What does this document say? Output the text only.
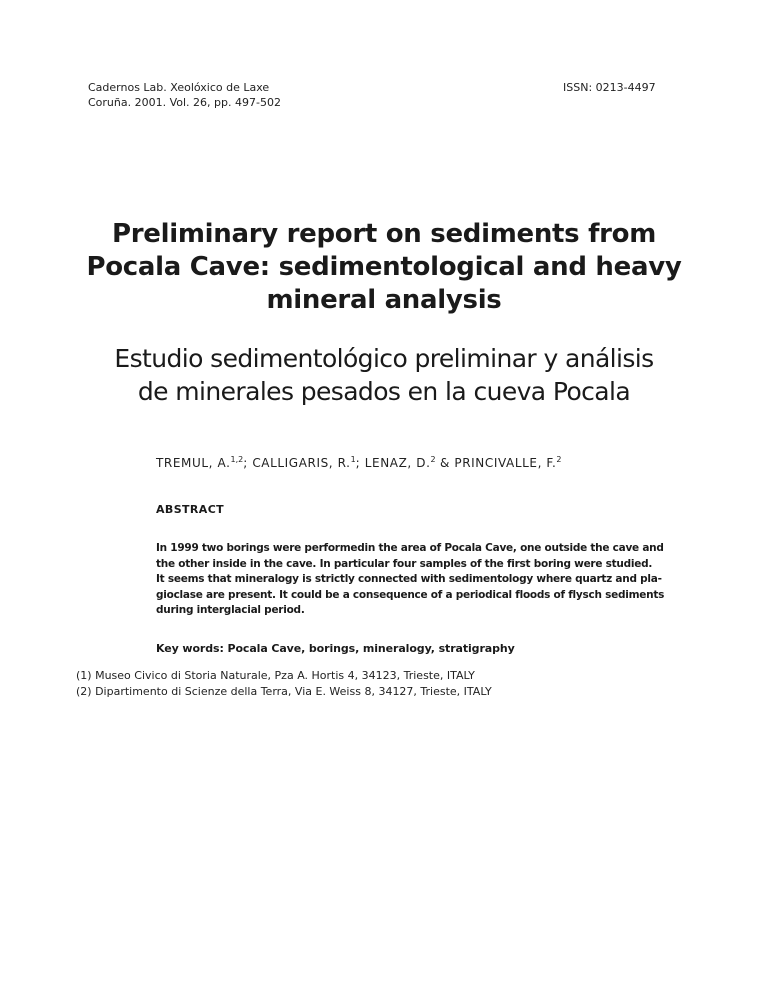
Cadernos Lab. Xeolóxico de Laxe
Coruña. 2001. Vol. 26, pp. 497-502
ISSN: 0213-4497
Preliminary report on sediments from
Pocala Cave: sedimentological and heavy
mineral analysis
Estudio sedimentológico preliminar y análisis
de minerales pesados en la cueva Pocala
TREMUL, A.$^{1,2}$; CALLIGARIS, R.$^1$; LENAZ, D.$^2$ & PRINCIVALLE, F.$^2$
ABSTRACT
In 1999 two borings were performedin the area of Pocala Cave, one outside the cave and
the other inside in the cave. In particular four samples of the first boring were studied.
It seems that mineralogy is strictly connected with sedimentology where quartz and pla-
gioclase are present. It could be a consequence of a periodical floods of flysch sediments
during interglacial period.
Key words: Pocala Cave, borings, mineralogy, stratigraphy
(1) Museo Civico di Storia Naturale, Pza A. Hortis 4, 34123, Trieste, ITALY
(2) Dipartimento di Scienze della Terra, Via E. Weiss 8, 34127, Trieste, ITALY
